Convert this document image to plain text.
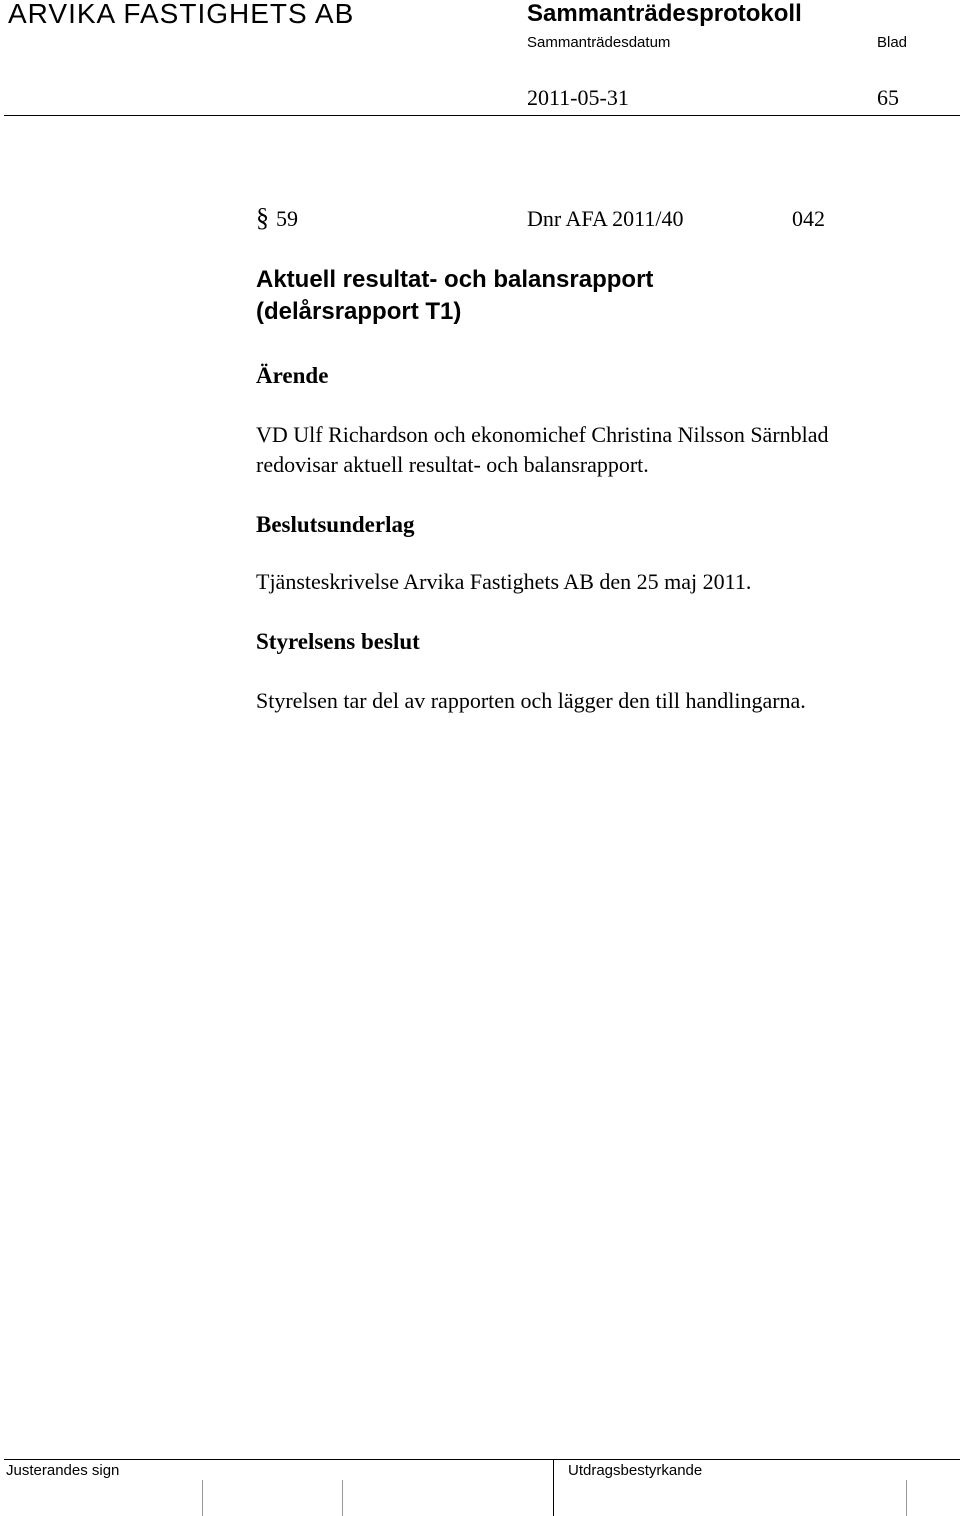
ARVIKA FASTIGHETS AB	Sammanträdesprotokoll
Sammanträdesdatum	Blad
2011-05-31	65
§ 59	Dnr AFA 2011/40	042
Aktuell resultat- och balansrapport
(delårsrapport T1)
Ärende
VD Ulf Richardson och ekonomichef Christina Nilsson Särnblad
redovisar aktuell resultat- och balansrapport.
Beslutsunderlag
Tjänsteskrivelse Arvika Fastighets AB den 25 maj 2011.
Styrelsens beslut
Styrelsen tar del av rapporten och lägger den till handlingarna.
Justerandes sign	Utdragsbestyrkande
